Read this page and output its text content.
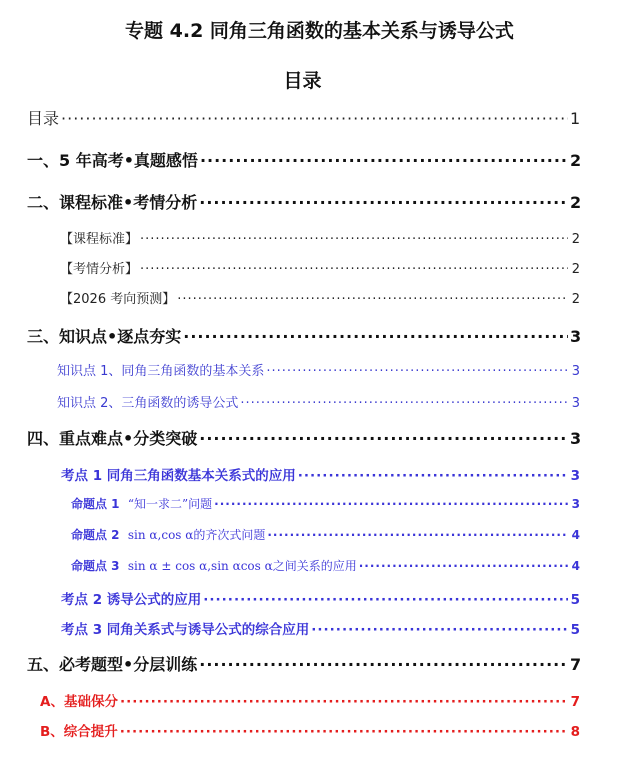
专题 4.2 同角三角函数的基本关系与诱导公式
目录
目录 ·····	1
一、5 年高考•真题感悟 ·····	2
二、课程标准•考情分析 ·····	2
【课程标准】 ·····	2
【考情分析】 ·····	2
【2026 考向预测】 ·····	2
三、知识点•逐点夯实 ·····	3
知识点 1、同角三角函数的基本关系 ·····	3
知识点 2、三角函数的诱导公式 ·····	3
四、重点难点•分类突破 ·····	3
考点 1 同角三角函数基本关系式的应用 ·····	3
命题点 1 “知一求二”问题 ·····	3
命题点 2 sin α,cos α的齐次式问题 ·····	4
命题点 3 sin α ± cos α,sin αcos α之间关系的应用 ·····	4
考点 2 诱导公式的应用 ·····	5
考点 3 同角关系式与诱导公式的综合应用 ·····	5
五、必考题型•分层训练 ·····	7
A、基础保分 ·····	7
B、综合提升 ·····	8
